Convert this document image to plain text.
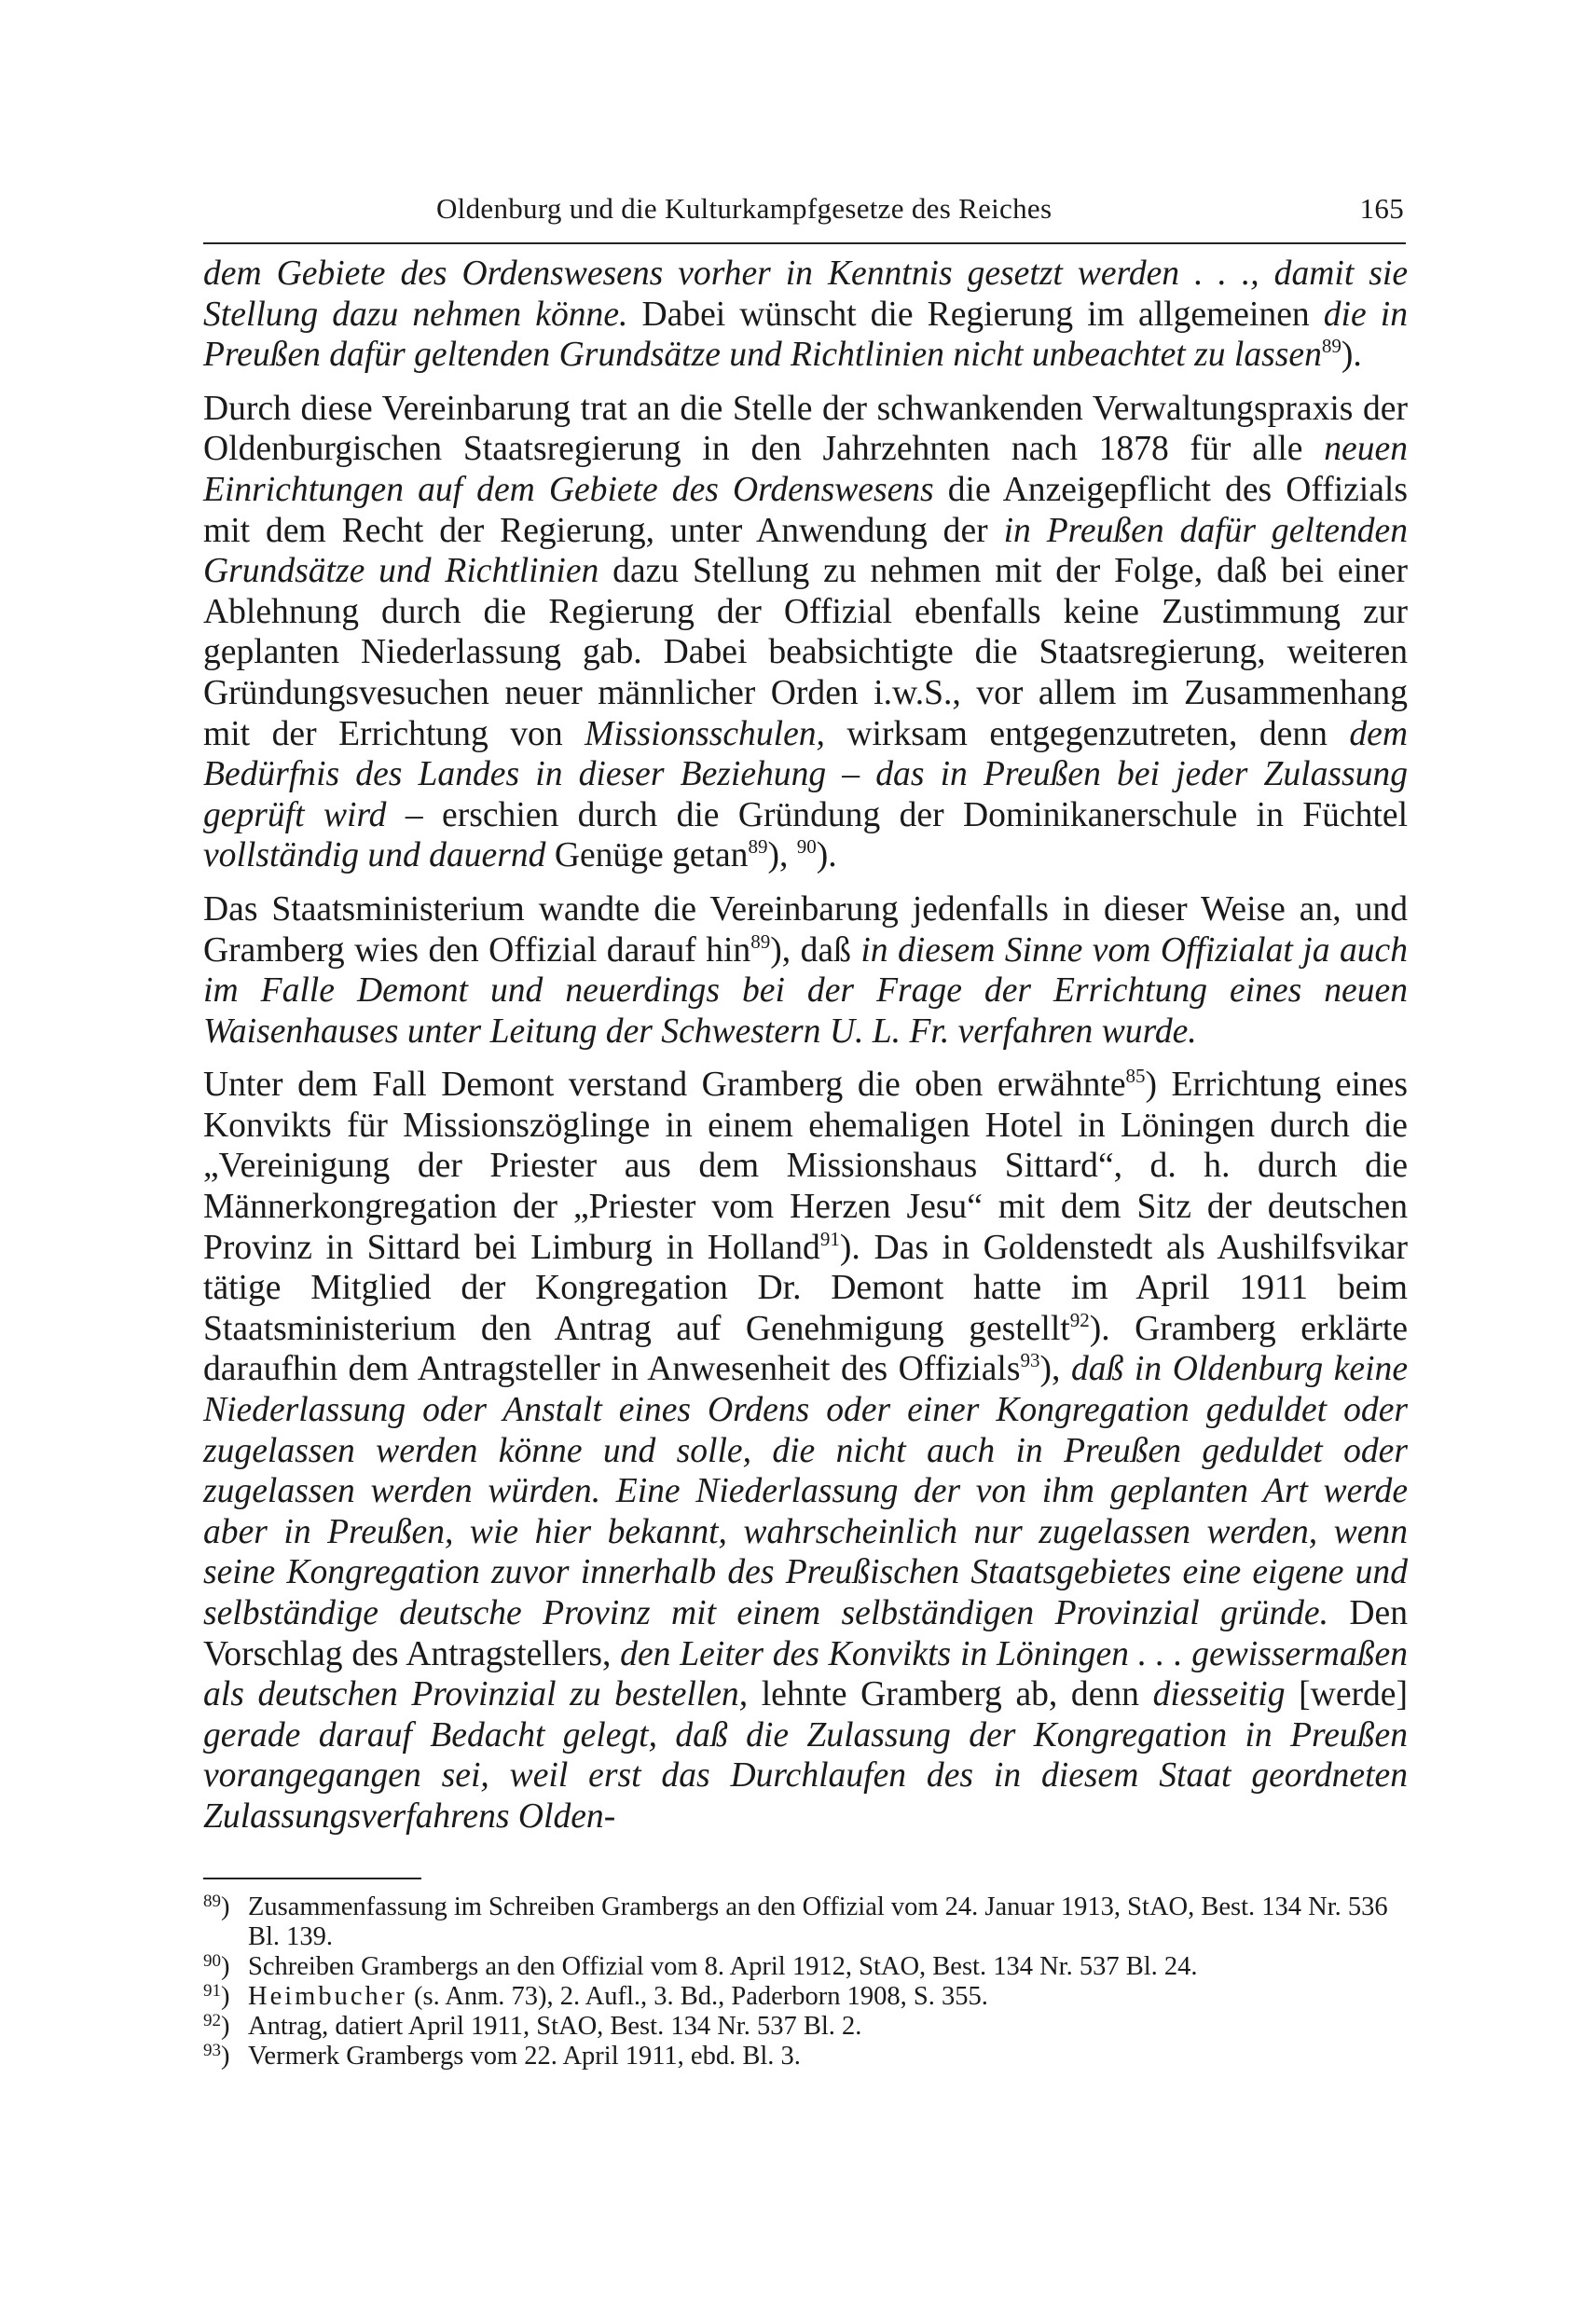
Oldenburg und die Kulturkampfgesetze des Reiches	165

dem Gebiete des Ordenswesens vorher in Kenntnis gesetzt werden . . ., damit sie Stellung dazu nehmen könne. Dabei wünscht die Regierung im allgemeinen die in Preußen dafür geltenden Grundsätze und Richtlinien nicht unbeachtet zu lassen$^{89}$).

Durch diese Vereinbarung trat an die Stelle der schwankenden Verwaltungspraxis der Oldenburgischen Staatsregierung in den Jahrzehnten nach 1878 für alle neuen Einrichtungen auf dem Gebiete des Ordenswesens die Anzeigepflicht des Offizials mit dem Recht der Regierung, unter Anwendung der in Preußen dafür geltenden Grundsätze und Richtlinien dazu Stellung zu nehmen mit der Folge, daß bei einer Ablehnung durch die Regierung der Offizial ebenfalls keine Zustimmung zur geplanten Niederlassung gab. Dabei beabsichtigte die Staatsregierung, weiteren Gründungsvesuchen neuer männlicher Orden i.w.S., vor allem im Zusammenhang mit der Errichtung von Missionsschulen, wirksam entgegenzutreten, denn dem Bedürfnis des Landes in dieser Beziehung – das in Preußen bei jeder Zulassung geprüft wird – erschien durch die Gründung der Dominikanerschule in Füchtel vollständig und dauernd Genüge getan$^{89}$), $^{90}$).

Das Staatsministerium wandte die Vereinbarung jedenfalls in dieser Weise an, und Gramberg wies den Offizial darauf hin$^{89}$), daß in diesem Sinne vom Offizialat ja auch im Falle Demont und neuerdings bei der Frage der Errichtung eines neuen Waisenhauses unter Leitung der Schwestern U. L. Fr. verfahren wurde.

Unter dem Fall Demont verstand Gramberg die oben erwähnte$^{85}$) Errichtung eines Konvikts für Missionszöglinge in einem ehemaligen Hotel in Löningen durch die „Vereinigung der Priester aus dem Missionshaus Sittard“, d. h. durch die Männerkongregation der „Priester vom Herzen Jesu“ mit dem Sitz der deutschen Provinz in Sittard bei Limburg in Holland$^{91}$). Das in Goldenstedt als Aushilfsvikar tätige Mitglied der Kongregation Dr. Demont hatte im April 1911 beim Staatsministerium den Antrag auf Genehmigung gestellt$^{92}$). Gramberg erklärte daraufhin dem Antragsteller in Anwesenheit des Offizials$^{93}$), daß in Oldenburg keine Niederlassung oder Anstalt eines Ordens oder einer Kongregation geduldet oder zugelassen werden könne und solle, die nicht auch in Preußen geduldet oder zugelassen werden würden. Eine Niederlassung der von ihm geplanten Art werde aber in Preußen, wie hier bekannt, wahrscheinlich nur zugelassen werden, wenn seine Kongregation zuvor innerhalb des Preußischen Staatsgebietes eine eigene und selbständige deutsche Provinz mit einem selbständigen Provinzial gründe. Den Vorschlag des Antragstellers, den Leiter des Konvikts in Löningen . . . gewissermaßen als deutschen Provinzial zu bestellen, lehnte Gramberg ab, denn diesseitig [werde] gerade darauf Bedacht gelegt, daß die Zulassung der Kongregation in Preußen vorangegangen sei, weil erst das Durchlaufen des in diesem Staat geordneten Zulassungsverfahrens Olden-

$^{89}$) Zusammenfassung im Schreiben Grambergs an den Offizial vom 24. Januar 1913, StAO, Best. 134 Nr. 536 Bl. 139.
$^{90}$) Schreiben Grambergs an den Offizial vom 8. April 1912, StAO, Best. 134 Nr. 537 Bl. 24.
$^{91}$) Heimbucher (s. Anm. 73), 2. Aufl., 3. Bd., Paderborn 1908, S. 355.
$^{92}$) Antrag, datiert April 1911, StAO, Best. 134 Nr. 537 Bl. 2.
$^{93}$) Vermerk Grambergs vom 22. April 1911, ebd. Bl. 3.
